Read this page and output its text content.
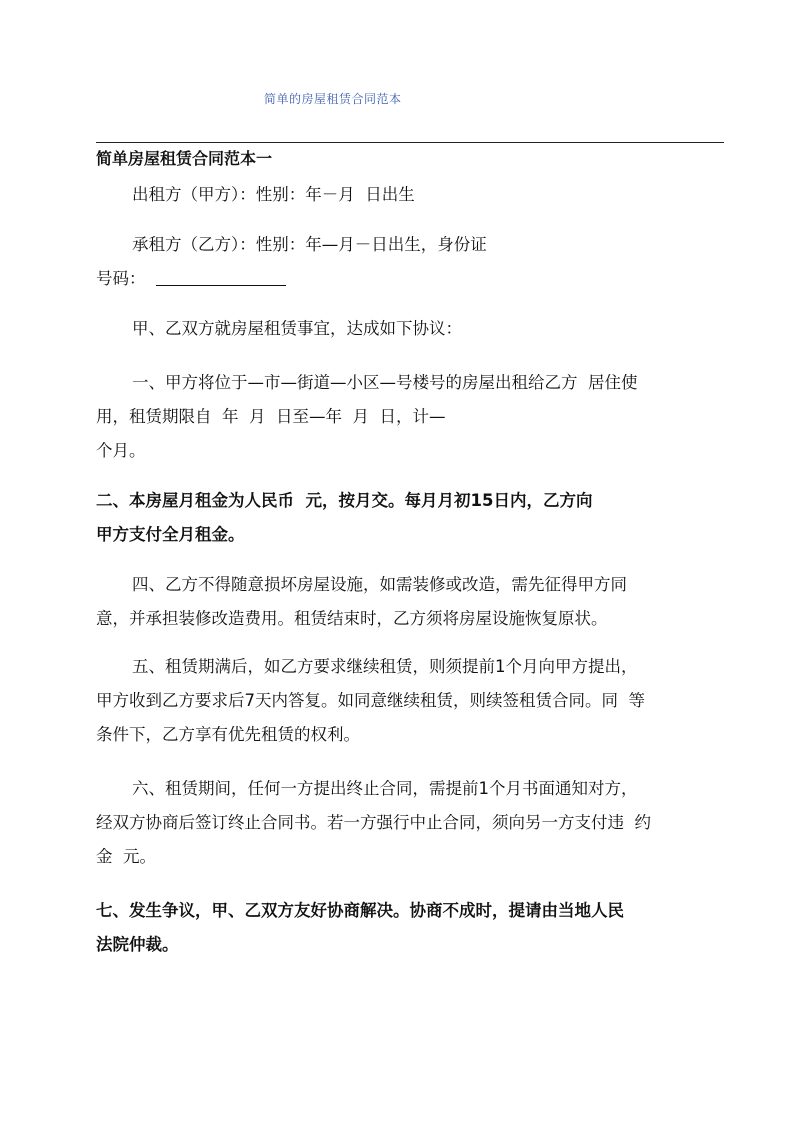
简单的房屋租赁合同范本
简单房屋租赁合同范本一
出租方（甲方）：性别：年－月  日出生
承租方（乙方）：性别：年—月－日出生，身份证
号码：
甲、乙双方就房屋租赁事宜，达成如下协议：
一、甲方将位于—市—街道—小区—号楼号的房屋出租给乙方  居住使
用，租赁期限自  年  月  日至—年  月  日，计—
个月。
二、本房屋月租金为人民币  元，按月交。每月月初15日内，乙方向
甲方支付全月租金。
四、乙方不得随意损坏房屋设施，如需装修或改造，需先征得甲方同
意，并承担装修改造费用。租赁结束时，乙方须将房屋设施恢复原状。
五、租赁期满后，如乙方要求继续租赁，则须提前1个月向甲方提出，
甲方收到乙方要求后7天内答复。如同意继续租赁，则续签租赁合同。同  等
条件下，乙方享有优先租赁的权利。
六、租赁期间，任何一方提出终止合同，需提前1个月书面通知对方，
经双方协商后签订终止合同书。若一方强行中止合同，须向另一方支付违  约
金  元。
七、发生争议，甲、乙双方友好协商解决。协商不成时，提请由当地人民
法院仲裁。
